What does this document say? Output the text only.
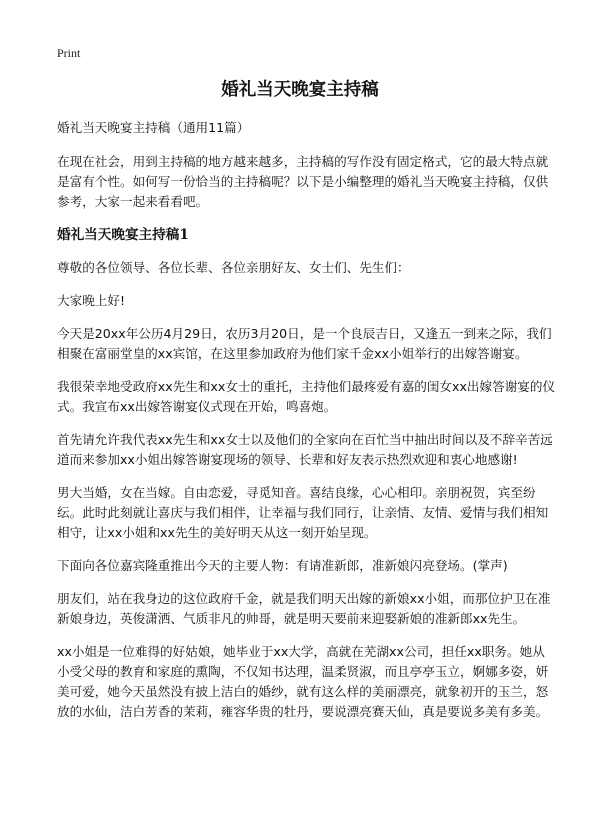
Print
婚礼当天晚宴主持稿

婚礼当天晚宴主持稿（通用11篇）

在现在社会，用到主持稿的地方越来越多，主持稿的写作没有固定格式，它的最大特点就是富有个性。如何写一份恰当的主持稿呢？以下是小编整理的婚礼当天晚宴主持稿，仅供参考，大家一起来看看吧。

婚礼当天晚宴主持稿1

尊敬的各位领导、各位长辈、各位亲朋好友、女士们、先生们：

大家晚上好!

今天是20xx年公历4月29日，农历3月20日，是一个良辰吉日，又逢五一到来之际，我们相聚在富丽堂皇的xx宾馆，在这里参加政府为他们家千金xx小姐举行的出嫁答谢宴。

我很荣幸地受政府xx先生和xx女士的重托，主持他们最疼爱有嘉的闺女xx出嫁答谢宴的仪式。我宣布xx出嫁答谢宴仪式现在开始，鸣喜炮。

首先请允许我代表xx先生和xx女士以及他们的全家向在百忙当中抽出时间以及不辞辛苦远道而来参加xx小姐出嫁答谢宴现场的领导、长辈和好友表示热烈欢迎和衷心地感谢!

男大当婚，女在当嫁。自由恋爱，寻觅知音。喜结良缘，心心相印。亲朋祝贺，宾至纷纭。此时此刻就让喜庆与我们相伴，让幸福与我们同行，让亲情、友情、爱情与我们相知相守，让xx小姐和xx先生的美好明天从这一刻开始呈现。

下面向各位嘉宾隆重推出今天的主要人物：有请准新郎，准新娘闪亮登场。(掌声)

朋友们，站在我身边的这位政府千金，就是我们明天出嫁的新娘xx小姐，而那位护卫在准新娘身边，英俊潇洒、气质非凡的帅哥，就是明天要前来迎娶新娘的准新郎xx先生。

xx小姐是一位难得的好姑娘，她毕业于xx大学，高就在芜湖xx公司，担任xx职务。她从小受父母的教育和家庭的熏陶，不仅知书达理，温柔贤淑，而且亭亭玉立，婀娜多姿，妍美可爱，她今天虽然没有披上洁白的婚纱，就有这么样的美丽漂亮，就象初开的玉兰，怒放的水仙，洁白芳香的茉莉，雍容华贵的牡丹，要说漂亮赛天仙，真是要说多美有多美。
